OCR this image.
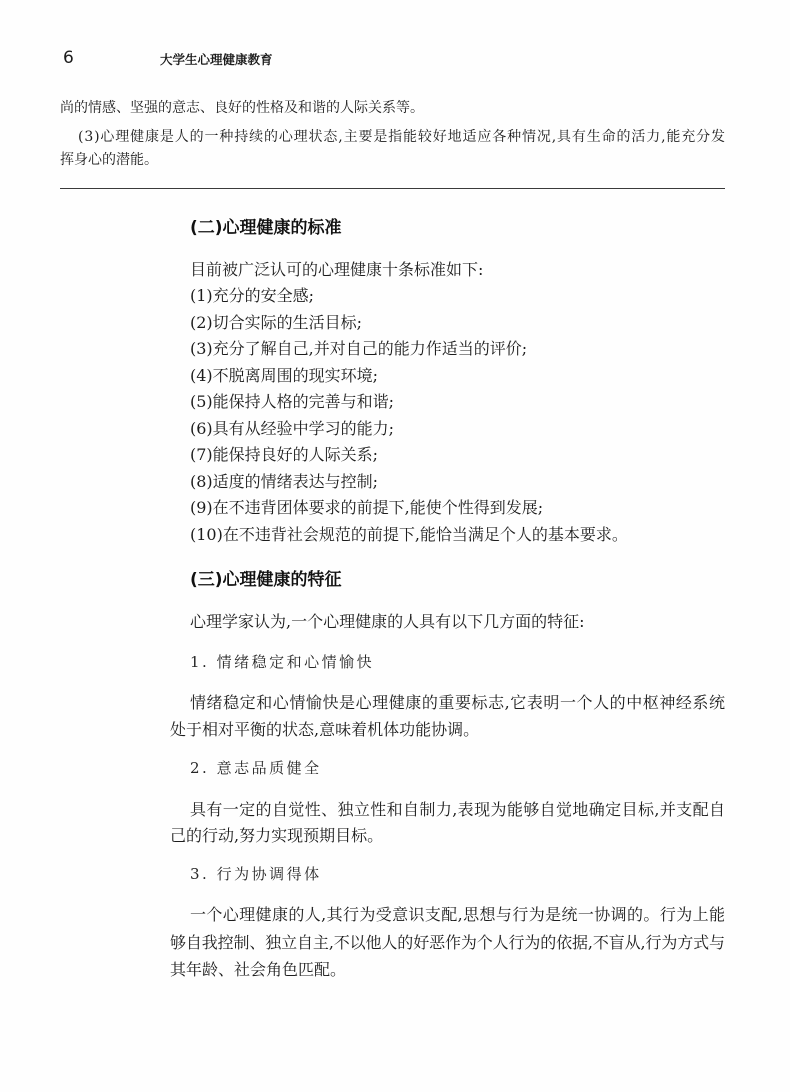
6	大学生心理健康教育
尚的情感、坚强的意志、良好的性格及和谐的人际关系等。
(3)心理健康是人的一种持续的心理状态,主要是指能较好地适应各种情况,具有生命的活力,能充分发
挥身心的潜能。
(二)心理健康的标准
目前被广泛认可的心理健康十条标准如下:
(1)充分的安全感;
(2)切合实际的生活目标;
(3)充分了解自己,并对自己的能力作适当的评价;
(4)不脱离周围的现实环境;
(5)能保持人格的完善与和谐;
(6)具有从经验中学习的能力;
(7)能保持良好的人际关系;
(8)适度的情绪表达与控制;
(9)在不违背团体要求的前提下,能使个性得到发展;
(10)在不违背社会规范的前提下,能恰当满足个人的基本要求。
(三)心理健康的特征
心理学家认为,一个心理健康的人具有以下几方面的特征:
1. 情绪稳定和心情愉快
情绪稳定和心情愉快是心理健康的重要标志,它表明一个人的中枢神经系统
处于相对平衡的状态,意味着机体功能协调。
2. 意志品质健全
具有一定的自觉性、独立性和自制力,表现为能够自觉地确定目标,并支配自
己的行动,努力实现预期目标。
3. 行为协调得体
一个心理健康的人,其行为受意识支配,思想与行为是统一协调的。行为上能
够自我控制、独立自主,不以他人的好恶作为个人行为的依据,不盲从,行为方式与
其年龄、社会角色匹配。
